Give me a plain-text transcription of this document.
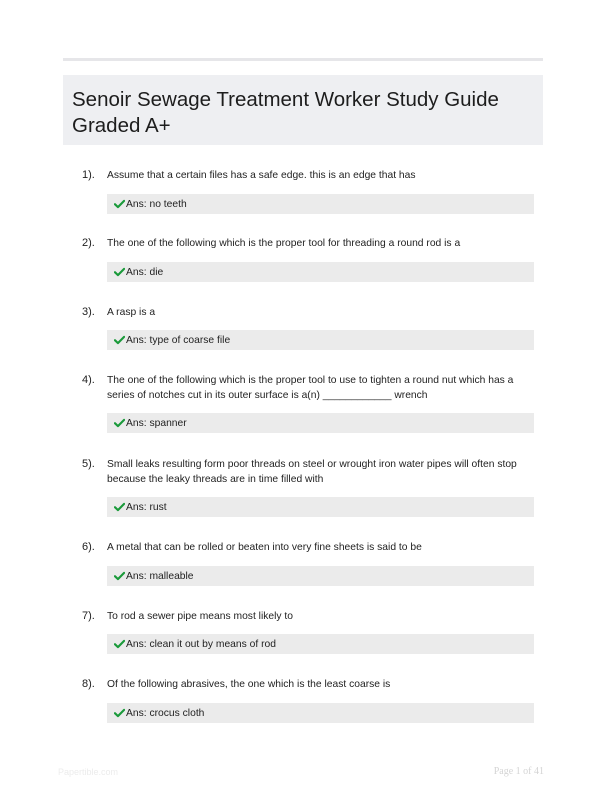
Senoir Sewage Treatment Worker Study Guide Graded A+
1). Assume that a certain files has a safe edge. this is an edge that has
Ans: no teeth
2). The one of the following which is the proper tool for threading a round rod is a
Ans: die
3). A rasp is a
Ans: type of coarse file
4). The one of the following which is the proper tool to use to tighten a round nut which has a series of notches cut in its outer surface is a(n) ____________ wrench
Ans: spanner
5). Small leaks resulting form poor threads on steel or wrought iron water pipes will often stop because the leaky threads are in time filled with
Ans: rust
6). A metal that can be rolled or beaten into very fine sheets is said to be
Ans: malleable
7). To rod a sewer pipe means most likely to
Ans: clean it out by means of rod
8). Of the following abrasives, the one which is the least coarse is
Ans: crocus cloth
Papertible.com	Page 1 of 41
